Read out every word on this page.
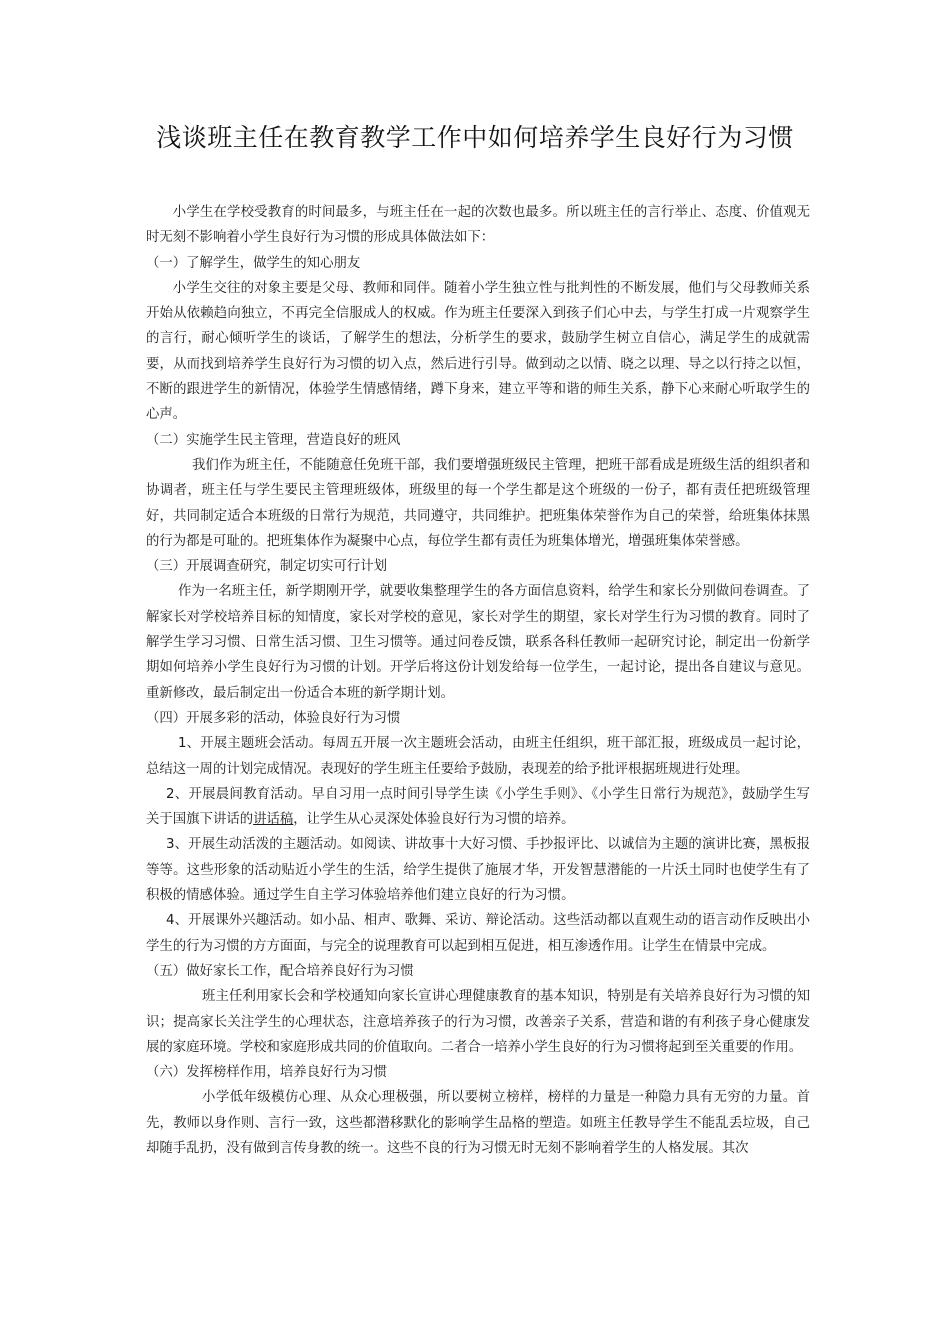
浅谈班主任在教育教学工作中如何培养学生良好行为习惯

小学生在学校受教育的时间最多，与班主任在一起的次数也最多。所以班主任的言行举止、态度、价值观无时无刻不影响着小学生良好行为习惯的形成具体做法如下：

（一）了解学生，做学生的知心朋友

小学生交往的对象主要是父母、教师和同伴。随着小学生独立性与批判性的不断发展，他们与父母教师关系开始从依赖趋向独立，不再完全信服成人的权威。作为班主任要深入到孩子们心中去，与学生打成一片观察学生的言行，耐心倾听学生的谈话，了解学生的想法，分析学生的要求，鼓励学生树立自信心，满足学生的成就需要，从而找到培养学生良好行为习惯的切入点，然后进行引导。做到动之以情、晓之以理、导之以行持之以恒，不断的跟进学生的新情况，体验学生情感情绪，蹲下身来，建立平等和谐的师生关系，静下心来耐心听取学生的心声。

（二）实施学生民主管理，营造良好的班风

我们作为班主任，不能随意任免班干部，我们要增强班级民主管理，把班干部看成是班级生活的组织者和协调者，班主任与学生要民主管理班级体，班级里的每一个学生都是这个班级的一份子，都有责任把班级管理好，共同制定适合本班级的日常行为规范，共同遵守，共同维护。把班集体荣誉作为自己的荣誉，给班集体抹黑的行为都是可耻的。把班集体作为凝聚中心点，每位学生都有责任为班集体增光，增强班集体荣誉感。

（三）开展调查研究，制定切实可行计划

作为一名班主任，新学期刚开学，就要收集整理学生的各方面信息资料，给学生和家长分别做问卷调查。了解家长对学校培养目标的知情度，家长对学校的意见，家长对学生的期望，家长对学生行为习惯的教育。同时了解学生学习习惯、日常生活习惯、卫生习惯等。通过问卷反馈，联系各科任教师一起研究讨论，制定出一份新学期如何培养小学生良好行为习惯的计划。开学后将这份计划发给每一位学生，一起讨论，提出各自建议与意见。重新修改，最后制定出一份适合本班的新学期计划。

（四）开展多彩的活动，体验良好行为习惯

1、开展主题班会活动。每周五开展一次主题班会活动，由班主任组织，班干部汇报，班级成员一起讨论，总结这一周的计划完成情况。表现好的学生班主任要给予鼓励，表现差的给予批评根据班规进行处理。

2、开展晨间教育活动。早自习用一点时间引导学生读《小学生手则》、《小学生日常行为规范》，鼓励学生写关于国旗下讲话的讲话稿，让学生从心灵深处体验良好行为习惯的培养。

3、开展生动活泼的主题活动。如阅读、讲故事十大好习惯、手抄报评比、以诚信为主题的演讲比赛，黑板报等等。这些形象的活动贴近小学生的生活，给学生提供了施展才华，开发智慧潜能的一片沃土同时也使学生有了积极的情感体验。通过学生自主学习体验培养他们建立良好的行为习惯。

4、开展课外兴趣活动。如小品、相声、歌舞、采访、辩论活动。这些活动都以直观生动的语言动作反映出小学生的行为习惯的方方面面，与完全的说理教育可以起到相互促进，相互渗透作用。让学生在情景中完成。

（五）做好家长工作，配合培养良好行为习惯

班主任利用家长会和学校通知向家长宣讲心理健康教育的基本知识，特别是有关培养良好行为习惯的知识；提高家长关注学生的心理状态，注意培养孩子的行为习惯，改善亲子关系，营造和谐的有利孩子身心健康发展的家庭环境。学校和家庭形成共同的价值取向。二者合一培养小学生良好的行为习惯将起到至关重要的作用。

（六）发挥榜样作用，培养良好行为习惯

小学低年级模仿心理、从众心理极强，所以要树立榜样，榜样的力量是一种隐力具有无穷的力量。首先，教师以身作则、言行一致，这些都潜移默化的影响学生品格的塑造。如班主任教导学生不能乱丢垃圾，自己却随手乱扔，没有做到言传身教的统一。这些不良的行为习惯无时无刻不影响着学生的人格发展。其次
